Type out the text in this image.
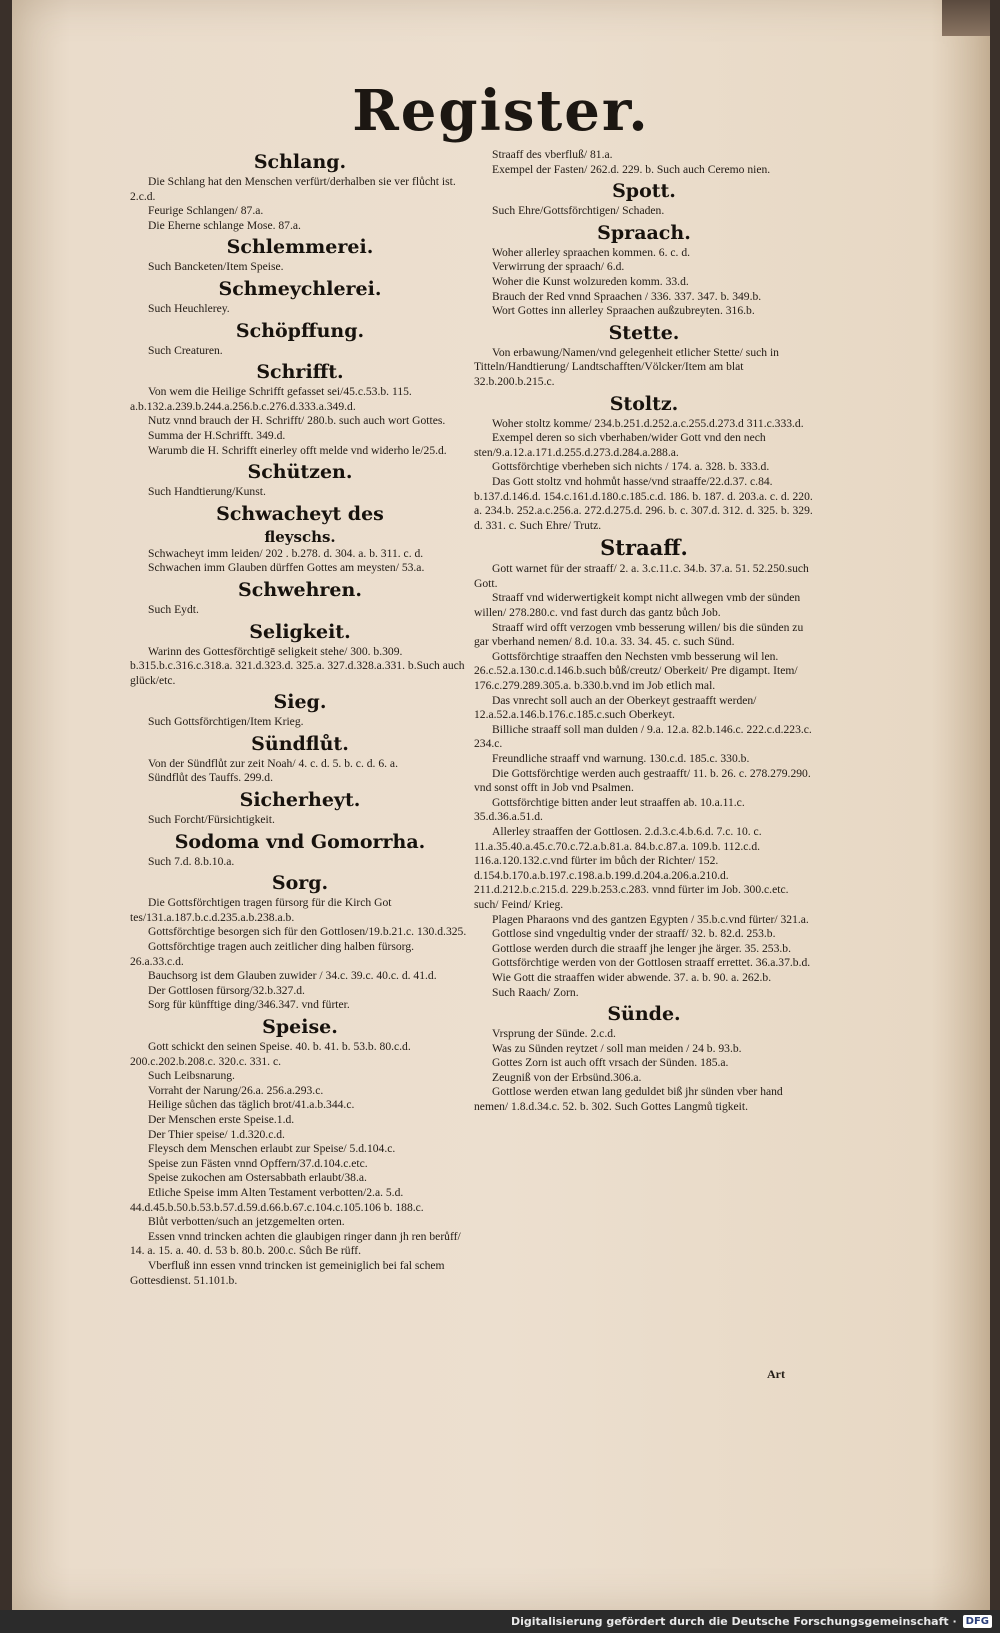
Register.
Schlang.

Die Schlang hat den Menschen verfürt/derhalben sie ver flůcht ist. 2.c.d.

Feurige Schlangen/ 87.a.

Die Eherne schlange Mose. 87.a.

Schlemmerei.

Such Bancketen/Item Speise.

Schmeychlerei.

Such Heuchlerey.

Schöpffung.

Such Creaturen.

Schrifft.

Von wem die Heilige Schrifft gefasset sei/45.c.53.b. 115. a.b.132.a.239.b.244.a.256.b.c.276.d.333.a.349.d.

Nutz vnnd brauch der H. Schrifft/ 280.b. such auch wort Gottes.

Summa der H.Schrifft. 349.d.

Warumb die H. Schrifft einerley offt melde vnd widerho le/25.d.

Schützen.

Such Handtierung/Kunst.

Schwacheyt des
fleyschs.

Schwacheyt imm leiden/ 202 . b.278. d. 304. a. b. 311. c. d.

Schwachen imm Glauben dürffen Gottes am meysten/ 53.a.

Schwehren.

Such Eydt.

Seligkeit.

Warinn des Gottesförchtigē seligkeit stehe/ 300. b.309. b.315.b.c.316.c.318.a. 321.d.323.d. 325.a. 327.d.328.a.331. b.Such auch glück/etc.

Sieg.

Such Gottsförchtigen/Item Krieg.

Sündflůt.

Von der Sündflůt zur zeit Noah/ 4. c. d. 5. b. c. d. 6. a.

Sündflůt des Tauffs. 299.d.

Sicherheyt.

Such Forcht/Fürsichtigkeit.

Sodoma vnd Gomorrha.

Such 7.d. 8.b.10.a.

Sorg.

Die Gottsförchtigen tragen fürsorg für die Kirch Got tes/131.a.187.b.c.d.235.a.b.238.a.b.

Gottsförchtige besorgen sich für den Gottlosen/19.b.21.c. 130.d.325.

Gottsförchtige tragen auch zeitlicher ding halben fürsorg. 26.a.33.c.d.

Bauchsorg ist dem Glauben zuwider / 34.c. 39.c. 40.c. d. 41.d.

Der Gottlosen fürsorg/32.b.327.d.

Sorg für künfftige ding/346.347. vnd fürter.

Speise.

Gott schickt den seinen Speise. 40. b. 41. b. 53.b. 80.c.d. 200.c.202.b.208.c. 320.c. 331. c.

Such Leibsnarung.

Vorraht der Narung/26.a. 256.a.293.c.

Heilige sůchen das täglich brot/41.a.b.344.c.

Der Menschen erste Speise.1.d.

Der Thier speise/ 1.d.320.c.d.

Fleysch dem Menschen erlaubt zur Speise/ 5.d.104.c.

Speise zun Fästen vnnd Opffern/37.d.104.c.etc.

Speise zukochen am Ostersabbath erlaubt/38.a.

Etliche Speise imm Alten Testament verbotten/2.a. 5.d. 44.d.45.b.50.b.53.b.57.d.59.d.66.b.67.c.104.c.105.106 b. 188.c.

Blůt verbotten/such an jetzgemelten orten.

Essen vnnd trincken achten die glaubigen ringer dann jh ren berůff/ 14. a. 15. a. 40. d. 53 b. 80.b. 200.c. Sůch Be rüff.

Vberfluß inn essen vnnd trincken ist gemeiniglich bei fal schem Gottesdienst. 51.101.b.

Straaff des vberfluß/ 81.a.

Exempel der Fasten/ 262.d. 229. b. Such auch Ceremo nien.

Spott.

Such Ehre/Gottsförchtigen/ Schaden.

Spraach.

Woher allerley spraachen kommen. 6. c. d.

Verwirrung der spraach/ 6.d.

Woher die Kunst wolzureden komm. 33.d.

Brauch der Red vnnd Spraachen / 336. 337. 347. b. 349.b.

Wort Gottes inn allerley Spraachen außzubreyten. 316.b.

Stette.

Von erbawung/Namen/vnd gelegenheit etlicher Stette/ such in Titteln/Handtierung/ Landtschafften/Völcker/Item am blat 32.b.200.b.215.c.

Stoltz.

Woher stoltz komme/ 234.b.251.d.252.a.c.255.d.273.d 311.c.333.d.

Exempel deren so sich vberhaben/wider Gott vnd den nech sten/9.a.12.a.171.d.255.d.273.d.284.a.288.a.

Gottsförchtige vberheben sich nichts / 174. a. 328. b. 333.d.

Das Gott stoltz vnd hohmůt hasse/vnd straaffe/22.d.37. c.84. b.137.d.146.d. 154.c.161.d.180.c.185.c.d. 186. b. 187. d. 203.a. c. d. 220. a. 234.b. 252.a.c.256.a. 272.d.275.d. 296. b. c. 307.d. 312. d. 325. b. 329. d. 331. c. Such Ehre/ Trutz.

Straaff.

Gott warnet für der straaff/ 2. a. 3.c.11.c. 34.b. 37.a. 51. 52.250.such Gott.

Straaff vnd widerwertigkeit kompt nicht allwegen vmb der sünden willen/ 278.280.c. vnd fast durch das gantz bůch Job.

Straaff wird offt verzogen vmb besserung willen/ bis die sünden zu gar vberhand nemen/ 8.d. 10.a. 33. 34. 45. c. such Sünd.

Gottsförchtige straaffen den Nechsten vmb besserung wil len. 26.c.52.a.130.c.d.146.b.such bůß/creutz/ Oberkeit/ Pre digampt. Item/ 176.c.279.289.305.a. b.330.b.vnd im Job etlich mal.

Das vnrecht soll auch an der Oberkeyt gestraafft werden/ 12.a.52.a.146.b.176.c.185.c.such Oberkeyt.

Billiche straaff soll man dulden / 9.a. 12.a. 82.b.146.c. 222.c.d.223.c. 234.c.

Freundliche straaff vnd warnung. 130.c.d. 185.c. 330.b.

Die Gottsförchtige werden auch gestraafft/ 11. b. 26. c. 278.279.290. vnd sonst offt in Job vnd Psalmen.

Gottsförchtige bitten ander leut straaffen ab. 10.a.11.c. 35.d.36.a.51.d.

Allerley straaffen der Gottlosen. 2.d.3.c.4.b.6.d. 7.c. 10. c. 11.a.35.40.a.45.c.70.c.72.a.b.81.a. 84.b.c.87.a. 109.b. 112.c.d. 116.a.120.132.c.vnd fürter im bůch der Richter/ 152. d.154.b.170.a.b.197.c.198.a.b.199.d.204.a.206.a.210.d. 211.d.212.b.c.215.d. 229.b.253.c.283. vnnd fürter im Job. 300.c.etc. such/ Feind/ Krieg.

Plagen Pharaons vnd des gantzen Egypten / 35.b.c.vnd fürter/ 321.a.

Gottlose sind vngedultig vnder der straaff/ 32. b. 82.d. 253.b.

Gottlose werden durch die straaff jhe lenger jhe ärger. 35. 253.b.

Gottsförchtige werden von der Gottlosen straaff errettet. 36.a.37.b.d.

Wie Gott die straaffen wider abwende. 37. a. b. 90. a. 262.b.

Such Raach/ Zorn.

Sünde.

Vrsprung der Sünde. 2.c.d.

Was zu Sünden reytzet / soll man meiden / 24 b. 93.b.

Gottes Zorn ist auch offt vrsach der Sünden. 185.a.

Zeugniß von der Erbsünd.306.a.

Gottlose werden etwan lang geduldet biß jhr sünden vber hand nemen/ 1.8.d.34.c. 52. b. 302. Such Gottes Langmů tigkeit.

Art
Digitalisierung gefördert durch die Deutsche Forschungsgemeinschaft · DFG
